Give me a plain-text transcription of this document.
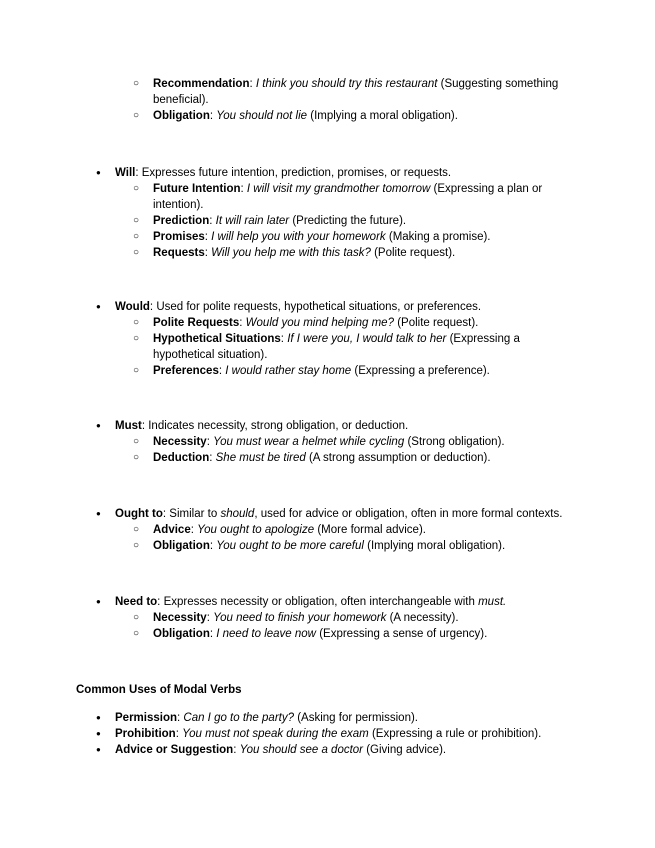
○ Recommendation: I think you should try this restaurant (Suggesting something beneficial).
○ Obligation: You should not lie (Implying a moral obligation).
● Will: Expresses future intention, prediction, promises, or requests.
○ Future Intention: I will visit my grandmother tomorrow (Expressing a plan or intention).
○ Prediction: It will rain later (Predicting the future).
○ Promises: I will help you with your homework (Making a promise).
○ Requests: Will you help me with this task? (Polite request).
● Would: Used for polite requests, hypothetical situations, or preferences.
○ Polite Requests: Would you mind helping me? (Polite request).
○ Hypothetical Situations: If I were you, I would talk to her (Expressing a hypothetical situation).
○ Preferences: I would rather stay home (Expressing a preference).
● Must: Indicates necessity, strong obligation, or deduction.
○ Necessity: You must wear a helmet while cycling (Strong obligation).
○ Deduction: She must be tired (A strong assumption or deduction).
● Ought to: Similar to should, used for advice or obligation, often in more formal contexts.
○ Advice: You ought to apologize (More formal advice).
○ Obligation: You ought to be more careful (Implying moral obligation).
● Need to: Expresses necessity or obligation, often interchangeable with must.
○ Necessity: You need to finish your homework (A necessity).
○ Obligation: I need to leave now (Expressing a sense of urgency).
Common Uses of Modal Verbs
● Permission: Can I go to the party? (Asking for permission).
● Prohibition: You must not speak during the exam (Expressing a rule or prohibition).
● Advice or Suggestion: You should see a doctor (Giving advice).
